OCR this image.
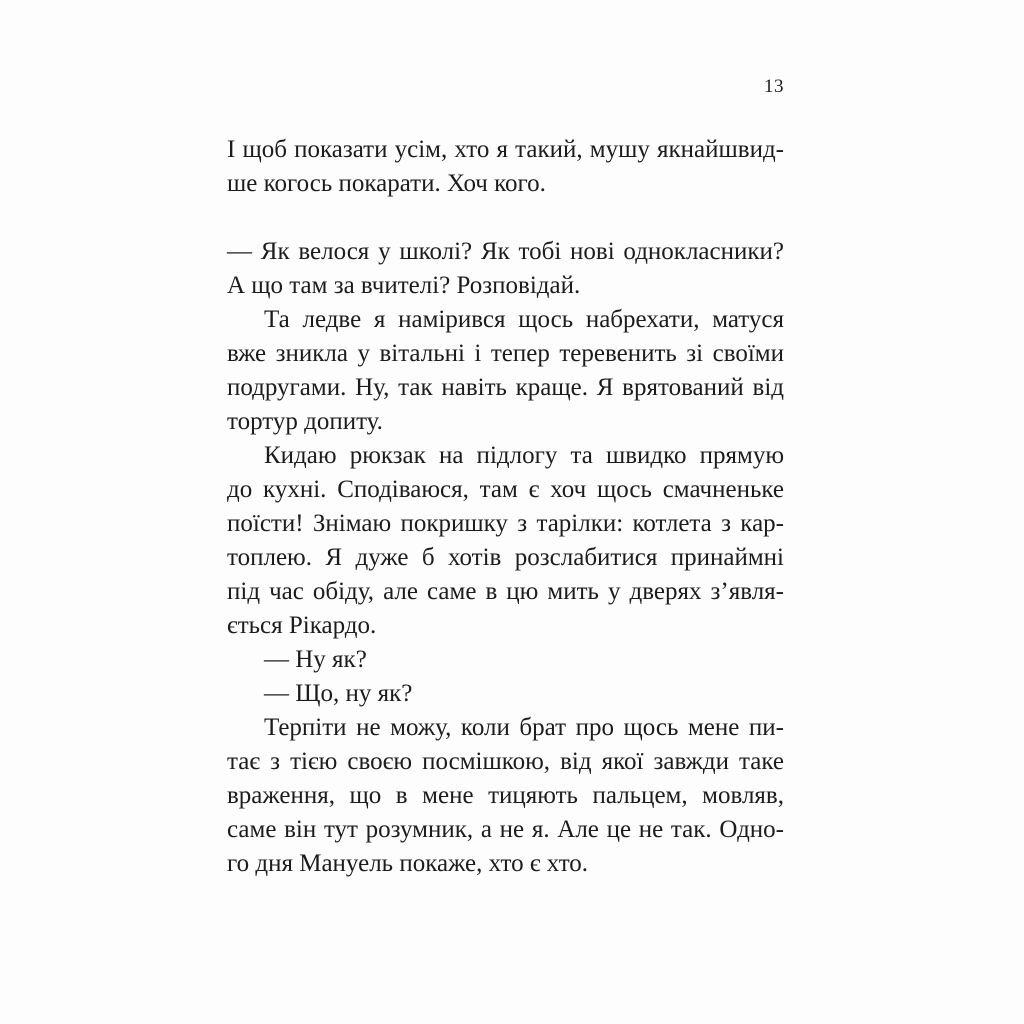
13
І щоб показати усім, хто я такий, мушу якнайшвид-
ше когось покарати. Хоч кого.
— Як велося у школі? Як тобі нові однокласники?
А що там за вчителі? Розповідай.
Та ледве я намірився щось набрехати, матуся
вже зникла у вітальні і тепер теревенить зі своїми
подругами. Ну, так навіть краще. Я врятований від
тортур допиту.
Кидаю рюкзак на підлогу та швидко прямую
до кухні. Сподіваюся, там є хоч щось смачненьке
поїсти! Знімаю покришку з тарілки: котлета з кар-
топлею. Я дуже б хотів розслабитися принаймні
під час обіду, але саме в цю мить у дверях з’явля-
ється Рікардо.
— Ну як?
— Що, ну як?
Терпіти не можу, коли брат про щось мене пи-
тає з тією своєю посмішкою, від якої завжди таке
враження, що в мене тицяють пальцем, мовляв,
саме він тут розумник, а не я. Але це не так. Одно-
го дня Мануель покаже, хто є хто.
